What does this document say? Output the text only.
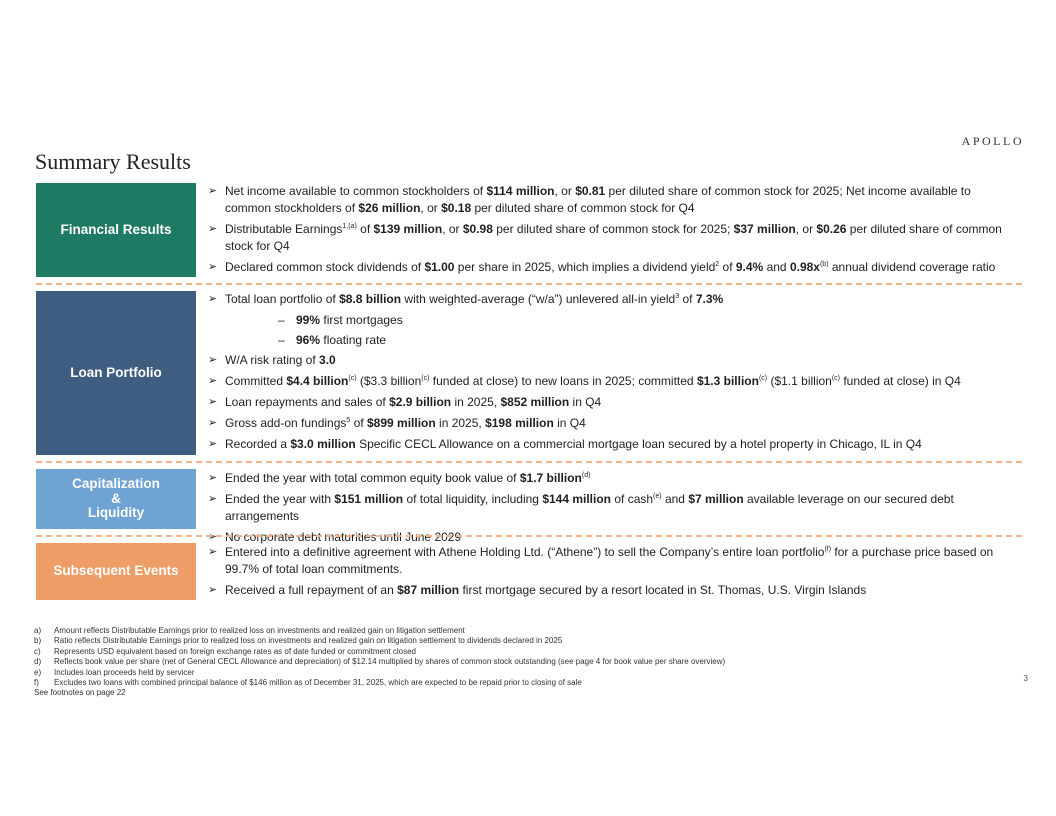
APOLLO
Summary Results
Financial Results
➢ Net income available to common stockholders of $114 million, or $0.81 per diluted share of common stock for 2025; Net income available to common stockholders of $26 million, or $0.18 per diluted share of common stock for Q4
➢ Distributable Earnings$^{1,(a)}$ of $139 million, or $0.98 per diluted share of common stock for 2025; $37 million, or $0.26 per diluted share of common stock for Q4
➢ Declared common stock dividends of $1.00 per share in 2025, which implies a dividend yield$^2$ of 9.4% and $0.98x^{(b)}$ annual dividend coverage ratio
Loan Portfolio
➢ Total loan portfolio of $8.8 billion with weighted-average (“w/a”) unlevered all-in yield$^3$ of 7.3%
– 99% first mortgages
– 96% floating rate
➢ W/A risk rating of 3.0
➢ Committed $4.4 billion$^{(c)}$ ($3.3 billion$^{(c)}$ funded at close) to new loans in 2025; committed $1.3 billion$^{(c)}$ ($1.1 billion$^{(c)}$ funded at close) in Q4
➢ Loan repayments and sales of $2.9 billion in 2025, $852 million in Q4
➢ Gross add-on fundings$^5$ of $899 million in 2025, $198 million in Q4
➢ Recorded a $3.0 million Specific CECL Allowance on a commercial mortgage loan secured by a hotel property in Chicago, IL in Q4
Capitalization
&
Liquidity
➢ Ended the year with total common equity book value of $1.7 billion$^{(d)}$
➢ Ended the year with $151 million of total liquidity, including $144 million of cash$^{(e)}$ and $7 million available leverage on our secured debt arrangements
➢ No corporate debt maturities until June 2029
Subsequent Events
➢ Entered into a definitive agreement with Athene Holding Ltd. (“Athene”) to sell the Company’s entire loan portfolio$^{(f)}$ for a purchase price based on 99.7% of total loan commitments.
➢ Received a full repayment of an $87 million first mortgage secured by a resort located in St. Thomas, U.S. Virgin Islands
a) Amount reflects Distributable Earnings prior to realized loss on investments and realized gain on litigation settlement
b) Ratio reflects Distributable Earnings prior to realized loss on investments and realized gain on litigation settlement to dividends declared in 2025
c) Represents USD equivalent based on foreign exchange rates as of date funded or commitment closed
d) Reflects book value per share (net of General CECL Allowance and depreciation) of $12.14 multiplied by shares of common stock outstanding (see page 4 for book value per share overview)
e) Includes loan proceeds held by servicer
f) Excludes two loans with combined principal balance of $146 million as of December 31, 2025, which are expected to be repaid prior to closing of sale
See footnotes on page 22
3
